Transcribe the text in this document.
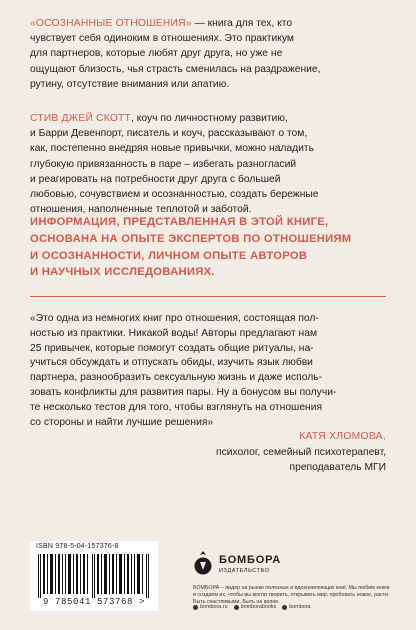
«ОСОЗНАННЫЕ ОТНОШЕНИЯ» — книга для тех, кто
чувствует себя одиноким в отношениях. Это практикум
для партнеров, которые любят друг друга, но уже не
ощущают близость, чья страсть сменилась на раздражение,
рутину, отсутствие внимания или апатию.
СТИВ ДЖЕЙ СКОТТ, коуч по личностному развитию,
и Барри Девенпорт, писатель и коуч, рассказывают о том,
как, постепенно внедряя новые привычки, можно наладить
глубокую привязанность в паре – избегать разногласий
и реагировать на потребности друг друга с большей
любовью, сочувствием и осознанностью, создать бережные
отношения, наполненные теплотой и заботой.
ИНФОРМАЦИЯ, ПРЕДСТАВЛЕННАЯ В ЭТОЙ КНИГЕ,
ОСНОВАНА НА ОПЫТЕ ЭКСПЕРТОВ ПО ОТНОШЕНИЯМ
И ОСОЗНАННОСТИ, ЛИЧНОМ ОПЫТЕ АВТОРОВ
И НАУЧНЫХ ИССЛЕДОВАНИЯХ.
«Это одна из немногих книг про отношения, состоящая пол-
ностью из практики. Никакой воды! Авторы предлагают нам
25 привычек, которые помогут создать общие ритуалы, на-
учиться обсуждать и отпускать обиды, изучить язык любви
партнера, разнообразить сексуальную жизнь и даже исполь-
зовать конфликты для развития пары. Ну а бонусом вы получи-
те несколько тестов для того, чтобы взглянуть на отношения
со стороны и найти лучшие решения»
КАТЯ ХЛОМОВА,
психолог, семейный психотерапевт,
преподаватель МГИ
ISBN 978-5-04-157376-8
9 785041 573768 >
БОМБОРА
ИЗДАТЕЛЬСТВО
БОМБОРА – лидер на рынке полезных и вдохновляющих книг. Мы любим книги и создаем их, чтобы вы могли творить, открывать мир, пробовать новое, расти. Быть счастливыми. Быть на волне.
bombora.ru bomborabooks bombora
